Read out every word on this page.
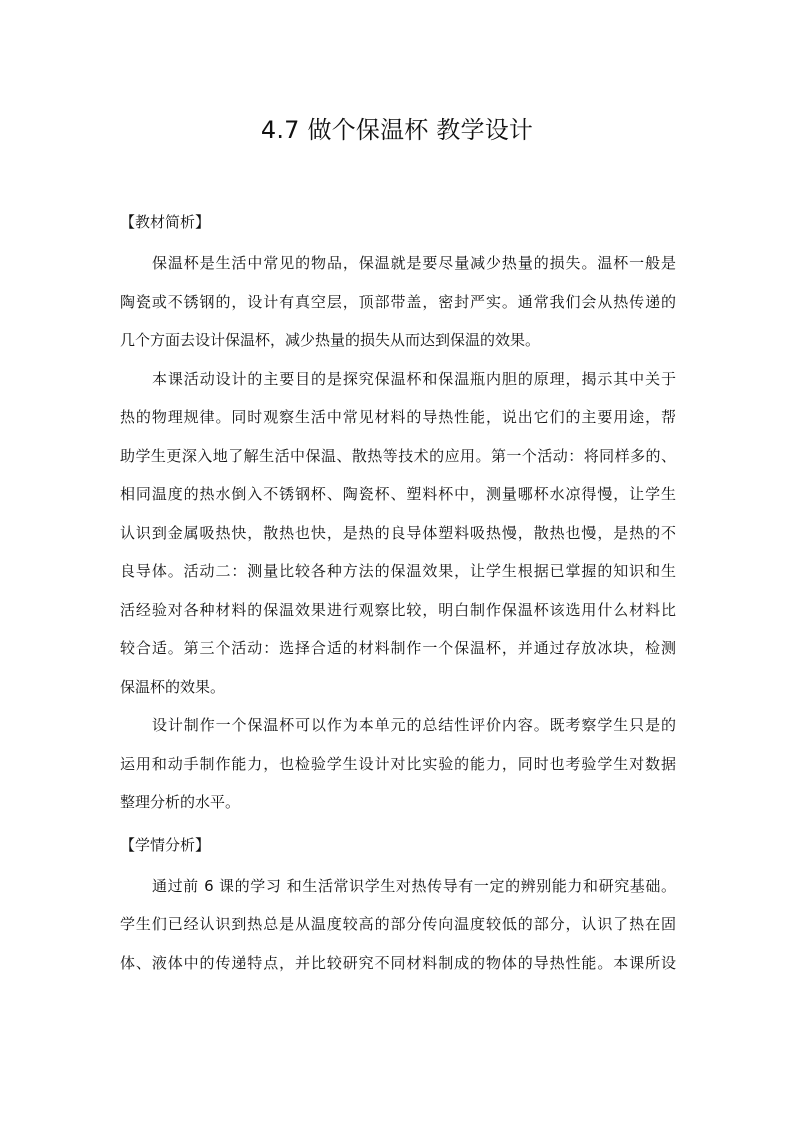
4.7 做个保温杯 教学设计
【教材简析】

保温杯是生活中常见的物品，保温就是要尽量减少热量的损失。温杯一般是

陶瓷或不锈钢的，设计有真空层，顶部带盖，密封严实。通常我们会从热传递的

几个方面去设计保温杯，减少热量的损失从而达到保温的效果。

本课活动设计的主要目的是探究保温杯和保温瓶内胆的原理，揭示其中关于

热的物理规律。同时观察生活中常见材料的导热性能，说出它们的主要用途，帮

助学生更深入地了解生活中保温、散热等技术的应用。第一个活动：将同样多的、

相同温度的热水倒入不锈钢杯、陶瓷杯、塑料杯中，测量哪杯水凉得慢，让学生

认识到金属吸热快，散热也快，是热的良导体塑料吸热慢，散热也慢，是热的不

良导体。活动二：测量比较各种方法的保温效果，让学生根据已掌握的知识和生

活经验对各种材料的保温效果进行观察比较，明白制作保温杯该选用什么材料比

较合适。第三个活动：选择合适的材料制作一个保温杯，并通过存放冰块，检测

保温杯的效果。

设计制作一个保温杯可以作为本单元的总结性评价内容。既考察学生只是的

运用和动手制作能力，也检验学生设计对比实验的能力，同时也考验学生对数据

整理分析的水平。

【学情分析】

通过前 6 课的学习 和生活常识学生对热传导有一定的辨别能力和研究基础。

学生们已经认识到热总是从温度较高的部分传向温度较低的部分，认识了热在固

体、液体中的传递特点，并比较研究不同材料制成的物体的导热性能。本课所设
